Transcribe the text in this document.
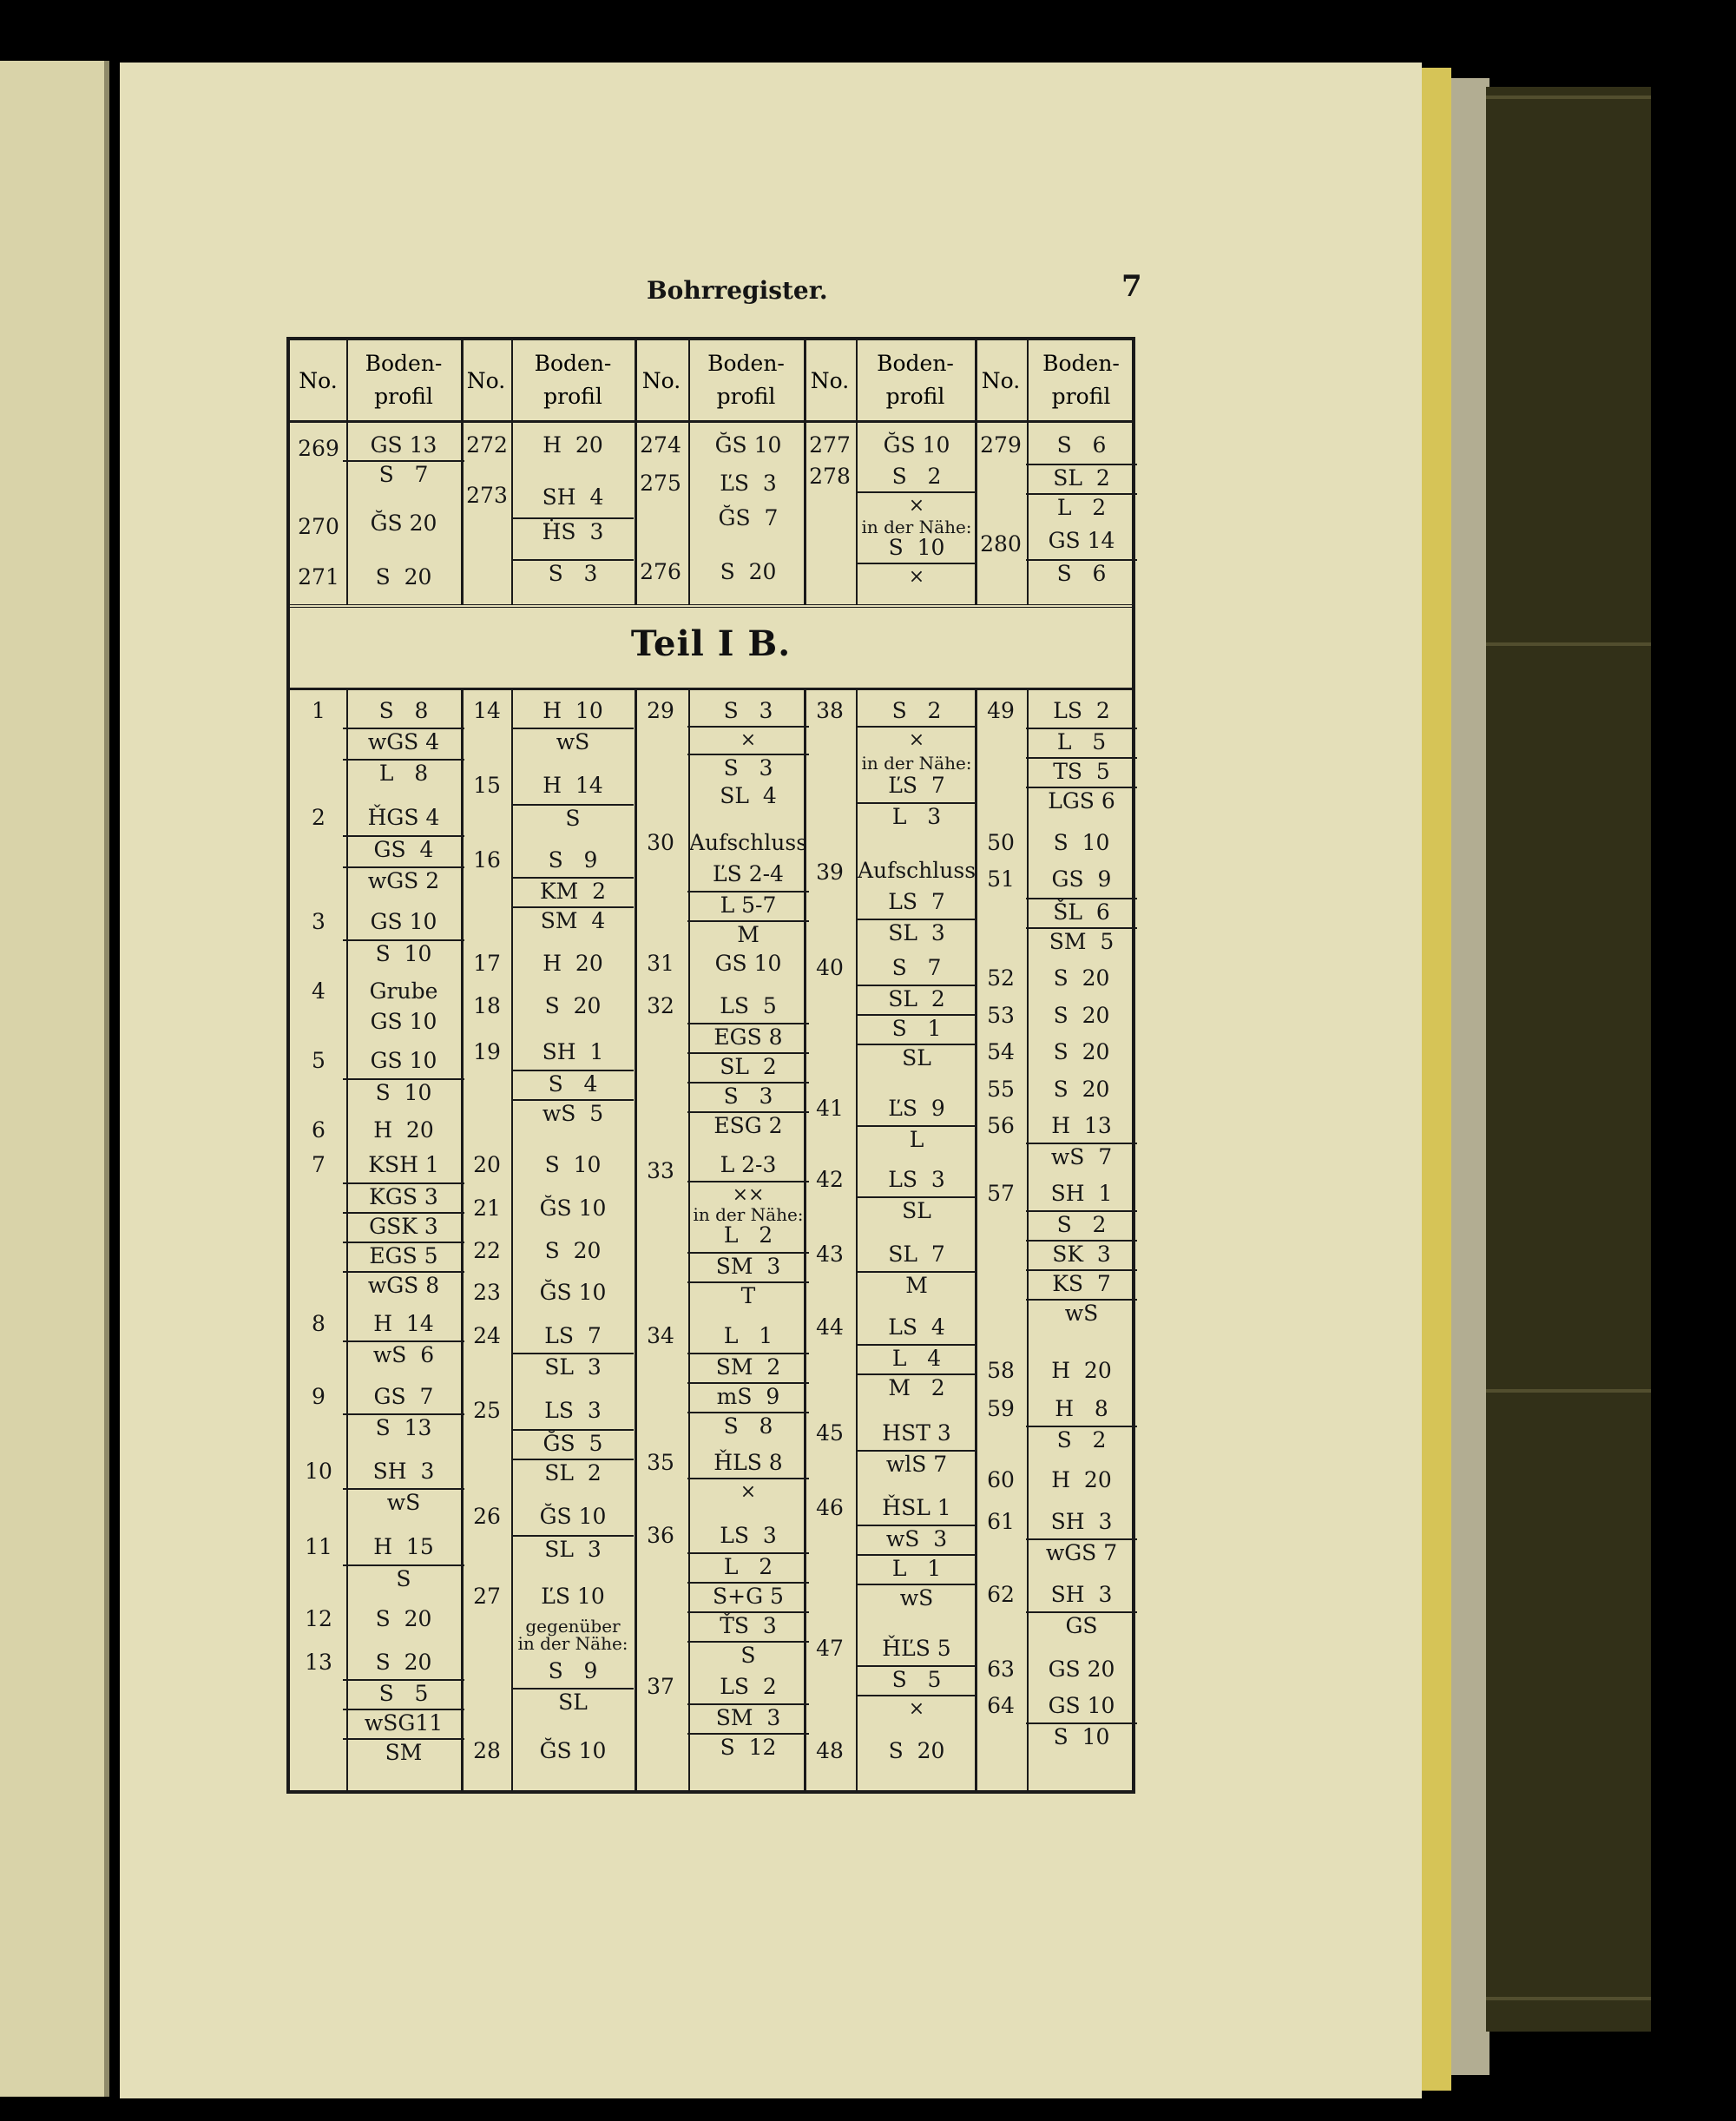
Bohrregister.	7
No.
Boden-
profil
No.
Boden-
profil
No.
Boden-
profil
No.
Boden-
profil
No.
Boden-
profil
269
270
271
GS 13
S   7
ĞS 20
S  20
272
273
H  20
SH  4
ḢS  3
S   3
274
275
276
ĞS 10
ĽS  3
ĞS  7
S  20
277
278
ĞS 10
S   2
×
in der Nähe:
S  10
×
279
280
S   6
SL  2
L   2
GS 14
S   6
Teil I B.
1
2
3
4
5
6
7
8
9
10
11
12
13
S   8
wGS 4
L   8
ȞGS 4
GS  4
wGS 2
GS 10
S  10
Grube
GS 10
GS 10
S  10
H  20
KSH 1
KGS 3
GSK 3
EGS 5
wGS 8
H  14
wS  6
GS  7
S  13
SH  3
wS
H  15
S
S  20
S  20
S   5
wSG11
SM
14
15
16
17
18
19
20
21
22
23
24
25
26
27
28
H  10
wS
H  14
S
S   9
KM  2
SM  4
H  20
S  20
SH  1
S   4
wS  5
S  10
ĞS 10
S  20
ĞS 10
LS  7
SL  3
LS  3
ĞS  5
SL  2
ĞS 10
SL  3
ĽS 10
gegenüber
in der Nähe:
S   9
SL
ĞS 10
29
30
31
32
33
34
35
36
37
S   3
×
S   3
SL  4
Aufschluss
ĽS 2-4
L 5-7
M
GS 10
LS  5
EGS 8
SL  2
S   3
ESG 2
L 2-3
××
in der Nähe:
L   2
SM  3
T
L   1
SM  2
mS  9
S   8
ȞLS 8
×
LS  3
L   2
S+G 5
ŤS  3
S
LS  2
SM  3
S  12
38
39
40
41
42
43
44
45
46
47
48
S   2
×
in der Nähe:
ĽS  7
L   3
Aufschluss
LS  7
SL  3
S   7
SL  2
S   1
SL
ĽS  9
L
LS  3
SL
SL  7
M
LS  4
L   4
M   2
HST 3
wlS 7
ȞSL 1
wS  3
L   1
wS
ȞĽS 5
S   5
×
S  20
49
50
51
52
53
54
55
56
57
58
59
60
61
62
63
64
LS  2
L   5
TS  5
LGS 6
S  10
GS  9
ŠL  6
SM  5
S  20
S  20
S  20
S  20
H  13
wS  7
SH  1
S   2
SK  3
KS  7
wS
H  20
H   8
S   2
H  20
SH  3
wGS 7
SH  3
GS
GS 20
GS 10
S  10
